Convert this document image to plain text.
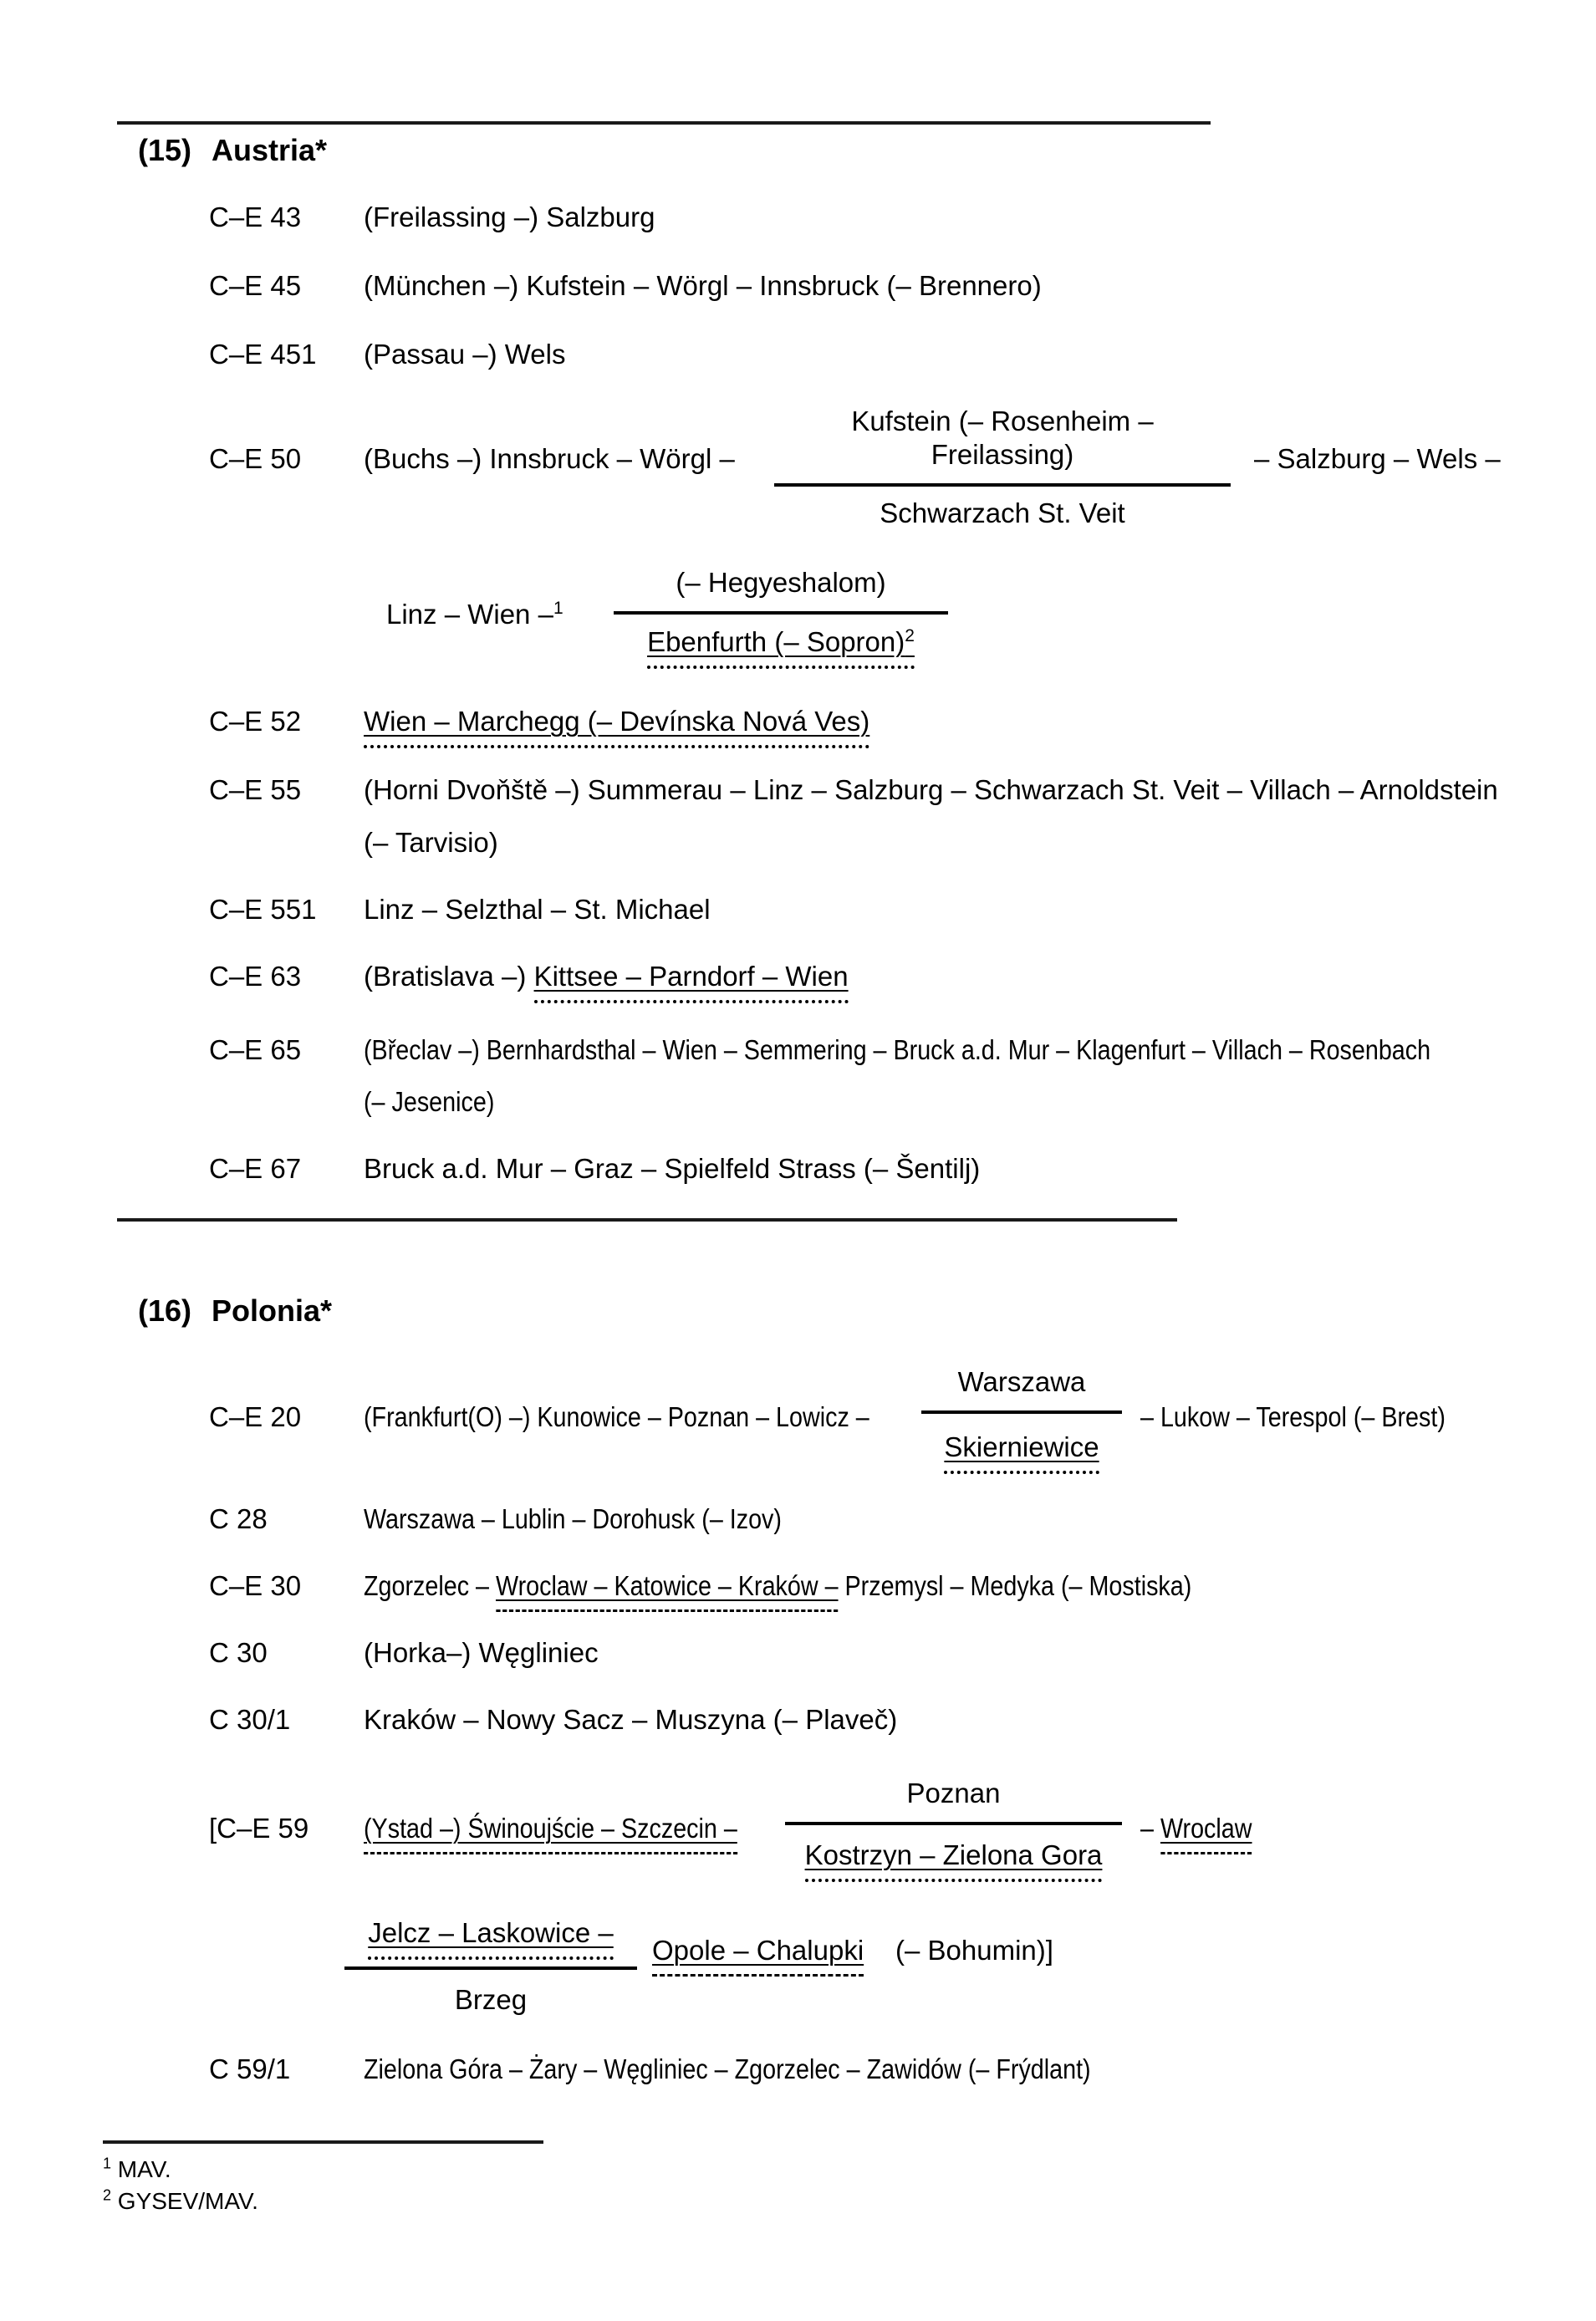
(15) Austria*
C–E 43 (Freilassing –) Salzburg
C–E 45 (München –) Kufstein – Wörgl – Innsbruck (– Brennero)
C–E 451 (Passau –) Wels
C–E 50 (Buchs –) Innsbruck – Wörgl –
Kufstein (– Rosenheim – Freilassing)
Schwarzach St. Veit
– Salzburg – Wels –
Linz – Wien –$^1$
(– Hegyeshalom)
Ebenfurth (– Sopron)$^2$
C–E 52 Wien – Marchegg (– Devínska Nová Ves)
C–E 55 (Horni Dvoňště –) Summerau – Linz – Salzburg – Schwarzach St. Veit – Villach – Arnoldstein
(– Tarvisio)
C–E 551 Linz – Selzthal – St. Michael
C–E 63 (Bratislava –) Kittsee – Parndorf – Wien
C–E 65 (Břeclav –) Bernhardsthal – Wien – Semmering – Bruck a.d. Mur – Klagenfurt – Villach – Rosenbach
(– Jesenice)
C–E 67 Bruck a.d. Mur – Graz – Spielfeld Strass (– Šentilj)
(16) Polonia*
C–E 20 (Frankfurt(O) –) Kunowice – Poznan – Lowicz –
Warszawa
Skierniewice
– Lukow – Terespol (– Brest)
C 28	Warszawa – Lublin – Dorohusk (– Izov)
C–E 30 Zgorzelec – Wroclaw – Katowice – Kraków – Przemysl – Medyka (– Mostiska)
C 30	(Horka–) Węgliniec
C 30/1	Kraków – Nowy Sacz – Muszyna (– Plaveč)
[C–E 59 (Ystad –) Świnoujście – Szczecin –
Poznan
Kostrzyn – Zielona Gora
– Wroclaw
Jelcz – Laskowice –
Brzeg
Opole – Chalupki (– Bohumin)]
C 59/1	Zielona Góra – Żary – Węgliniec – Zgorzelec – Zawidów (– Frýdlant)
$^1$ MAV.
$^2$ GYSEV/MAV.
